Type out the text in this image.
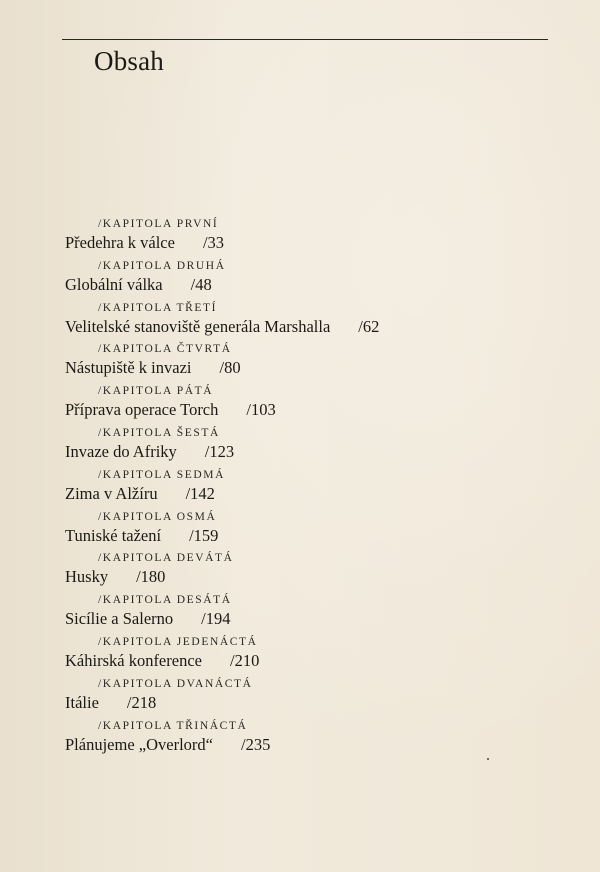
Obsah
/KAPITOLA PRVNÍ
Předehra k válce /33
/KAPITOLA DRUHÁ
Globální válka /48
/KAPITOLA TŘETÍ
Velitelské stanoviště generála Marshalla /62
/KAPITOLA ČTVRTÁ
Nástupiště k invazi /80
/KAPITOLA PÁTÁ
Příprava operace Torch /103
/KAPITOLA ŠESTÁ
Invaze do Afriky /123
/KAPITOLA SEDMÁ
Zima v Alžíru /142
/KAPITOLA OSMÁ
Tuniské tažení /159
/KAPITOLA DEVÁTÁ
Husky /180
/KAPITOLA DESÁTÁ
Sicílie a Salerno /194
/KAPITOLA JEDENÁCTÁ
Káhirská konference /210
/KAPITOLA DVANÁCTÁ
Itálie /218
/KAPITOLA TŘINÁCTÁ
Plánujeme „Overlord“ /235
